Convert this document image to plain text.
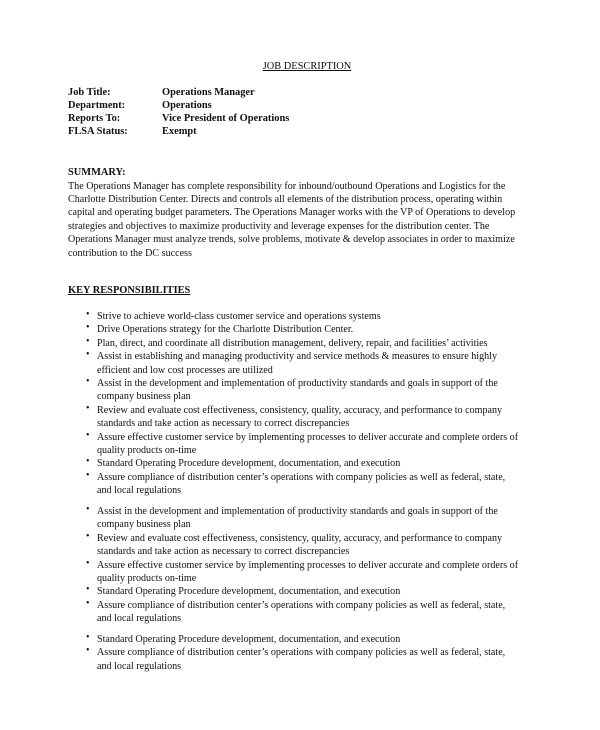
JOB DESCRIPTION
Job Title:	Operations Manager
Department:	Operations
Reports To:	Vice President of Operations
FLSA Status:	Exempt
SUMMARY:
The Operations Manager has complete responsibility for inbound/outbound Operations and Logistics for the
Charlotte Distribution Center. Directs and controls all elements of the distribution process, operating within
capital and operating budget parameters. The Operations Manager works with the VP of Operations to develop
strategies and objectives to maximize productivity and leverage expenses for the distribution center. The
Operations Manager must analyze trends, solve problems, motivate & develop associates in order to maximize
contribution to the DC success
KEY RESPONSIBILITIES
• Strive to achieve world-class customer service and operations systems
• Drive Operations strategy for the Charlotte Distribution Center.
• Plan, direct, and coordinate all distribution management, delivery, repair, and facilities’ activities
• Assist in establishing and managing productivity and service methods & measures to ensure highly
efficient and low cost processes are utilized
• Assist in the development and implementation of productivity standards and goals in support of the
company business plan
• Review and evaluate cost effectiveness, consistency, quality, accuracy, and performance to company
standards and take action as necessary to correct discrepancies
• Assure effective customer service by implementing processes to deliver accurate and complete orders of
quality products on-time
• Standard Operating Procedure development, documentation, and execution
• Assure compliance of distribution center’s operations with company policies as well as federal, state,
and local regulations
• Assist in the development and implementation of productivity standards and goals in support of the
company business plan
• Review and evaluate cost effectiveness, consistency, quality, accuracy, and performance to company
standards and take action as necessary to correct discrepancies
• Assure effective customer service by implementing processes to deliver accurate and complete orders of
quality products on-time
• Standard Operating Procedure development, documentation, and execution
• Assure compliance of distribution center’s operations with company policies as well as federal, state,
and local regulations
• Standard Operating Procedure development, documentation, and execution
• Assure compliance of distribution center’s operations with company policies as well as federal, state,
and local regulations
